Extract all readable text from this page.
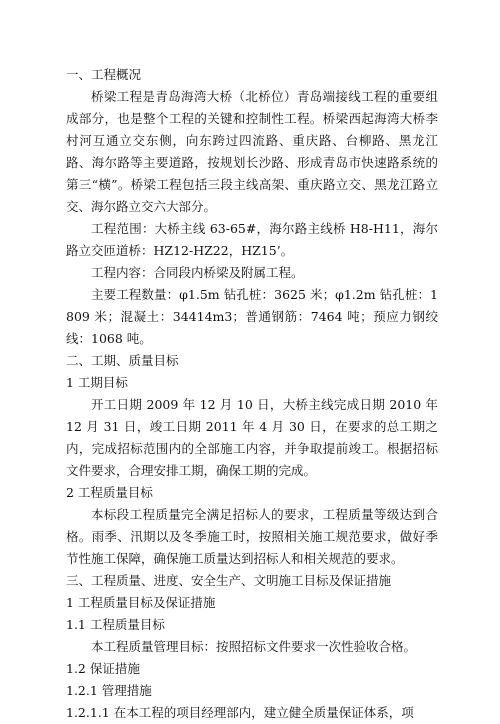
一、工程概况

桥梁工程是青岛海湾大桥（北桥位）青岛端接线工程的重要组成部分，也是整个工程的关键和控制性工程。桥梁西起海湾大桥李村河互通立交东侧，向东跨过四流路、重庆路、台柳路、黑龙江路、海尔路等主要道路，按规划长沙路、形成青岛市快速路系统的第三“横”。桥梁工程包括三段主线高架、重庆路立交、黑龙江路立交、海尔路立交六大部分。

工程范围：大桥主线 63-65#，海尔路主线桥 H8-H11，海尔路立交匝道桥：HZ12-HZ22，HZ15’。

工程内容：合同段内桥梁及附属工程。

主要工程数量：φ1.5m 钻孔桩：3625 米；φ1.2m 钻孔桩：1809 米；混凝土：34414m3；普通钢筋：7464 吨；预应力钢绞线：1068 吨。

二、工期、质量目标

1 工期目标

开工日期 2009 年 12 月 10 日，大桥主线完成日期 2010 年 12 月 31 日，竣工日期 2011 年 4 月 30 日，在要求的总工期之内，完成招标范围内的全部施工内容，并争取提前竣工。根据招标文件要求，合理安排工期，确保工期的完成。

2 工程质量目标

本标段工程质量完全满足招标人的要求，工程质量等级达到合格。雨季、汛期以及冬季施工时，按照相关施工规范要求，做好季节性施工保障，确保施工质量达到招标人和相关规范的要求。

三、工程质量、进度、安全生产、文明施工目标及保证措施

1 工程质量目标及保证措施

1.1 工程质量目标

本工程质量管理目标：按照招标文件要求一次性验收合格。

1.2 保证措施

1.2.1 管理措施

1.2.1.1 在本工程的项目经理部内，建立健全质量保证体系，项
